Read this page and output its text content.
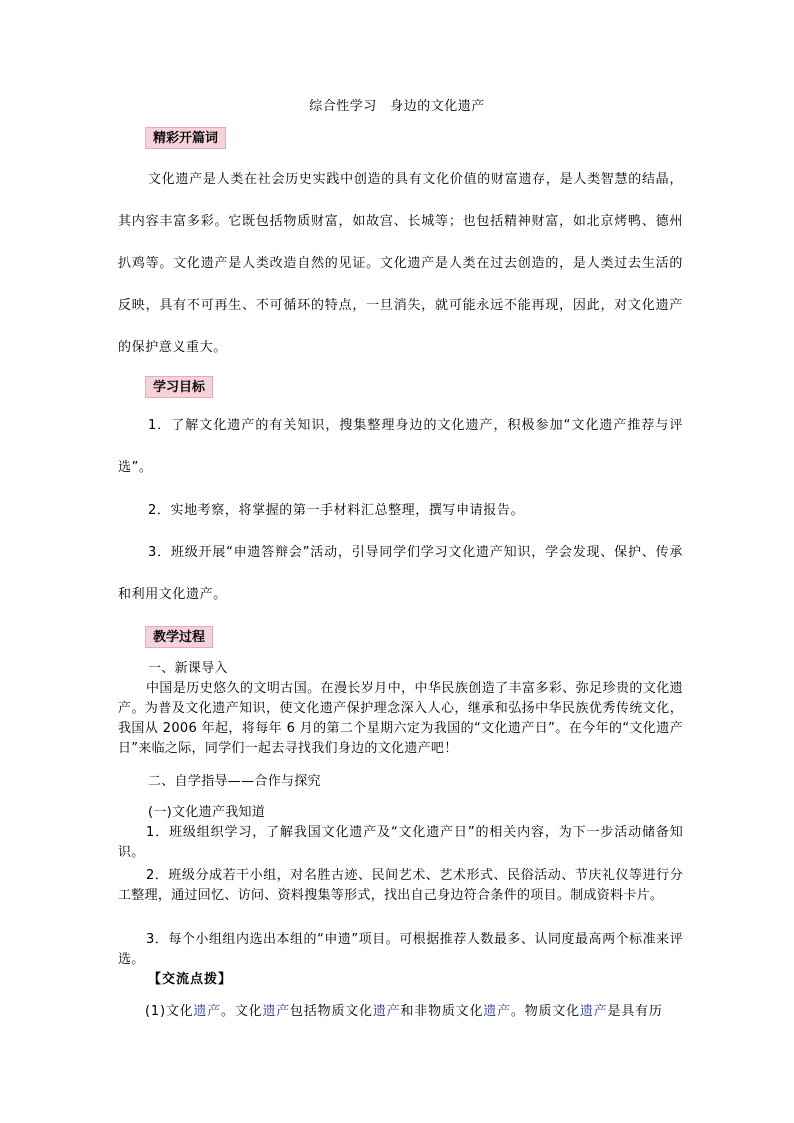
综合性学习　身边的文化遗产
精彩开篇词

文化遗产是人类在社会历史实践中创造的具有文化价值的财富遗存，是人类智慧的结晶，其内容丰富多彩。它既包括物质财富，如故宫、长城等；也包括精神财富，如北京烤鸭、德州扒鸡等。文化遗产是人类改造自然的见证。文化遗产是人类在过去创造的，是人类过去生活的反映，具有不可再生、不可循环的特点，一旦消失，就可能永远不能再现，因此，对文化遗产的保护意义重大。

学习目标

1．了解文化遗产的有关知识，搜集整理身边的文化遗产，积极参加“文化遗产推荐与评选”。

2．实地考察，将掌握的第一手材料汇总整理，撰写申请报告。

3．班级开展“申遗答辩会”活动，引导同学们学习文化遗产知识，学会发现、保护、传承和利用文化遗产。

教学过程

一、新课导入

中国是历史悠久的文明古国。在漫长岁月中，中华民族创造了丰富多彩、弥足珍贵的文化遗产。为普及文化遗产知识，使文化遗产保护理念深入人心，继承和弘扬中华民族优秀传统文化，我国从 2006 年起，将每年 6 月的第二个星期六定为我国的“文化遗产日”。在今年的“文化遗产日”来临之际，同学们一起去寻找我们身边的文化遗产吧！

二、自学指导——合作与探究

(一)文化遗产我知道

1．班级组织学习，了解我国文化遗产及“文化遗产日”的相关内容，为下一步活动储备知识。

2．班级分成若干小组，对名胜古迹、民间艺术、艺术形式、民俗活动、节庆礼仪等进行分工整理，通过回忆、访问、资料搜集等形式，找出自己身边符合条件的项目。制成资料卡片。

3．每个小组组内选出本组的“申遗”项目。可根据推荐人数最多、认同度最高两个标准来评选。

【交流点拨】

(1)文化遗产。文化遗产包括物质文化遗产和非物质文化遗产。物质文化遗产是具有历
